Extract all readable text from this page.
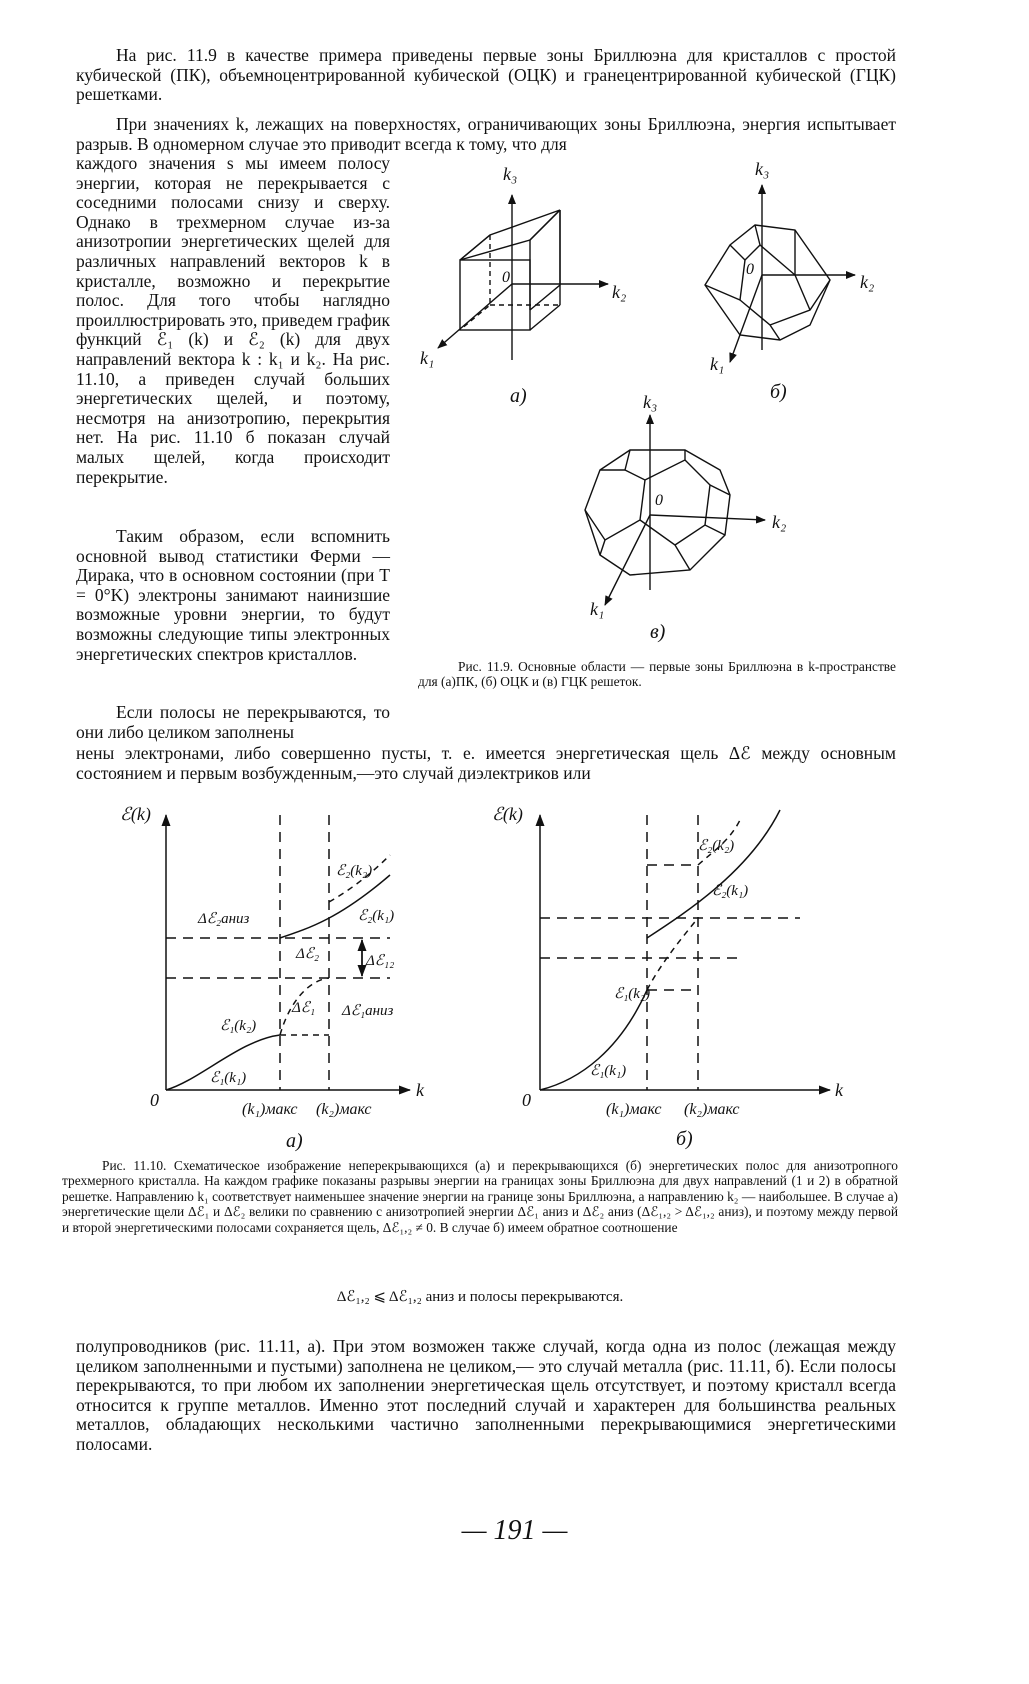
На рис. 11.9 в качестве примера приведены первые зоны Бриллюэна для кристаллов с простой кубической (ПК), объемноцентрированной кубической (ОЦК) и гранецентрированной кубической (ГЦК) решетками.

При значениях k, лежащих на поверхностях, ограничивающих зоны Бриллюэна, энергия испытывает разрыв. В одномерном случае это приводит всегда к тому, что для

каждого значения s мы имеем полосу энергии, которая не перекрывается с соседними полосами снизу и сверху. Однако в трехмерном случае из-за анизотропии энергетических щелей для различных направлений векторов k в кристалле, возможно и перекрытие полос. Для того чтобы наглядно проиллюстрировать это, приведем график функций ℰ₁ (k) и ℰ₂ (k) для двух направлений вектора k : k₁ и k₂. На рис. 11.10, а приведен случай больших энергетических щелей, и поэтому, несмотря на анизотропию, перекрытия нет. На рис. 11.10 б показан случай малых щелей, когда происходит перекрытие.

Таким образом, если вспомнить основной вывод статистики Ферми — Дирака, что в основном состоянии (при T = 0°K) электроны занимают наинизшие возможные уровни энергии, то будут возможны следующие типы электронных энергетических спектров кристаллов.

Если полосы не перекрываются, то они либо целиком заполнены

нены электронами, либо совершенно пусты, т. е. имеется энергетическая щель Δℰ между основным состоянием и первым возбужденным,—это случай диэлектриков или

k₃
k₂
k₁
0
а)
k₃
k₂
k₁
0
б)
k₃
k₂
k₁
0
в)

Рис. 11.9. Основные области — первые зоны Бриллюэна в k-пространстве для (а)ПК, (б) ОЦК и (в) ГЦК решеток.

ℰ(k)
k
0	(k₁)макс (k₂)макс
ℰ₁(k₁)
ℰ₁(k₂)
ℰ₂(k₁)
ℰ₂(k₂)
Δℰ₂аниз
Δℰ₁аниз
Δℰ₂
Δℰ₁
Δℰ₁₂
а)
ℰ(k)
k
0	(k₁)макс (k₂)макс
ℰ₁(k₁)
ℰ₁(k₂)
ℰ₂(k₁)
ℰ₂(k₂)
б)

Рис. 11.10. Схематическое изображение неперекрывающихся (а) и перекрывающихся (б) энергетических полос для анизотропного трехмерного кристалла. На каждом графике показаны разрывы энергии на границах зоны Бриллюэна для двух направлений (1 и 2) в обратной решетке. Направлению k₁ соответствует наименьшее значение энергии на границе зоны Бриллюэна, а направлению k₂ — наибольшее. В случае а) энергетические щели Δℰ₁ и Δℰ₂ велики по сравнению с анизотропией энергии Δℰ₁ аниз и Δℰ₂ аниз (Δℰ₁,₂ > Δℰ₁,₂ аниз), и поэтому между первой и второй энергетическими полосами сохраняется щель, Δℰ₁,₂ ≠ 0. В случае б) имеем обратное соотношение

Δℰ₁,₂ ⩽ Δℰ₁,₂ аниз и полосы перекрываются.

полупроводников (рис. 11.11, а). При этом возможен также случай, когда одна из полос (лежащая между целиком заполненными и пустыми) заполнена не целиком,— это случай металла (рис. 11.11, б). Если полосы перекрываются, то при любом их заполнении энергетическая щель отсутствует, и поэтому кристалл всегда относится к группе металлов. Именно этот последний случай и характерен для большинства реальных металлов, обладающих несколькими частично заполненными перекрывающимися энергетическими полосами.

— 191 —
